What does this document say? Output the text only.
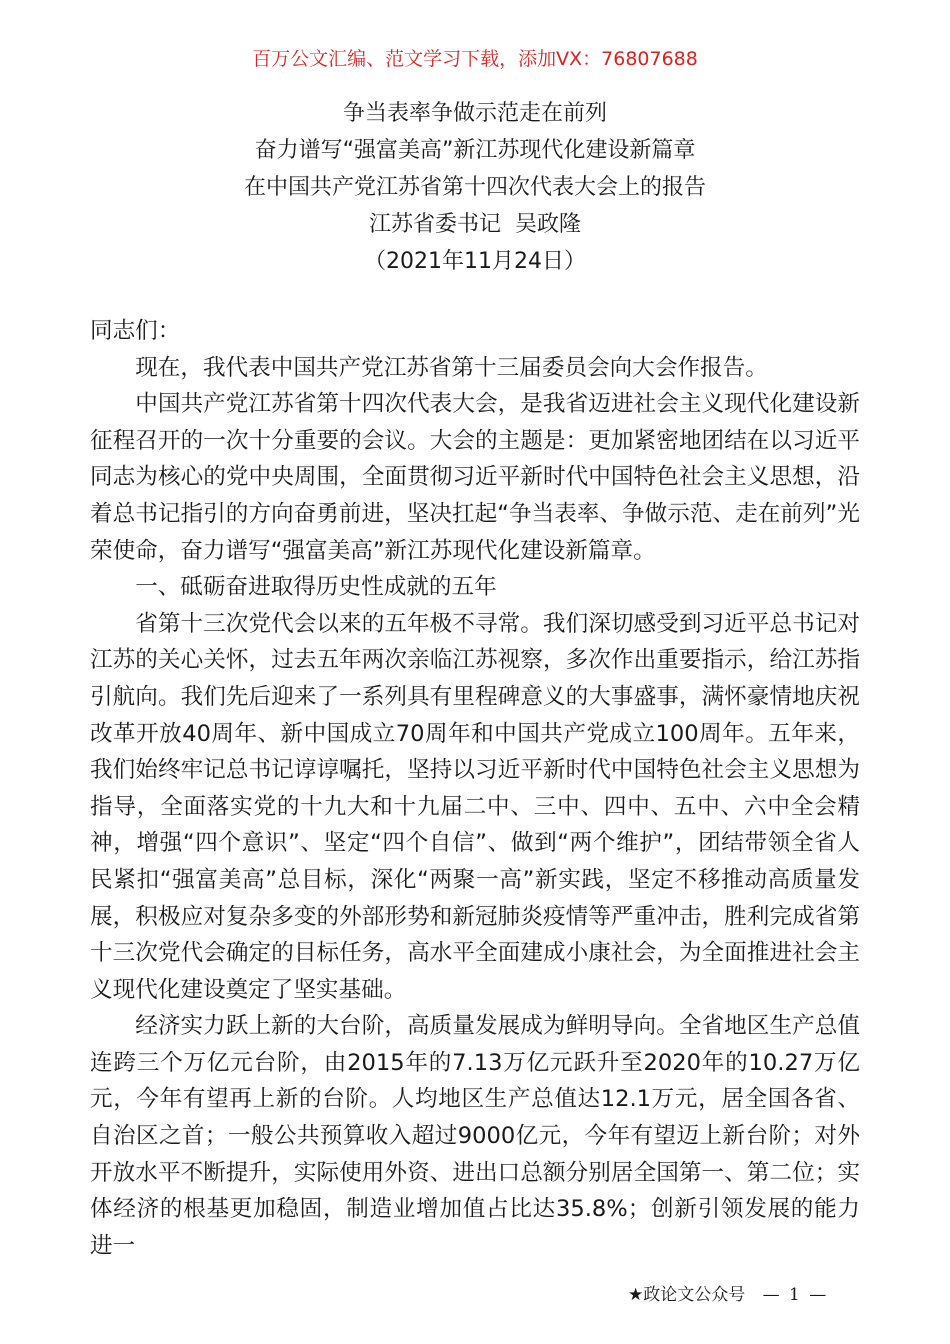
百万公文汇编、范文学习下载，添加VX：76807688
争当表率争做示范走在前列
奋力谱写“强富美高”新江苏现代化建设新篇章
在中国共产党江苏省第十四次代表大会上的报告
江苏省委书记  吴政隆
（2021年11月24日）

同志们：

现在，我代表中国共产党江苏省第十三届委员会向大会作报告。

中国共产党江苏省第十四次代表大会，是我省迈进社会主义现代化建设新征程召开的一次十分重要的会议。大会的主题是：更加紧密地团结在以习近平同志为核心的党中央周围，全面贯彻习近平新时代中国特色社会主义思想，沿着总书记指引的方向奋勇前进，坚决扛起“争当表率、争做示范、走在前列”光荣使命，奋力谱写“强富美高”新江苏现代化建设新篇章。

一、砥砺奋进取得历史性成就的五年

省第十三次党代会以来的五年极不寻常。我们深切感受到习近平总书记对江苏的关心关怀，过去五年两次亲临江苏视察，多次作出重要指示，给江苏指引航向。我们先后迎来了一系列具有里程碑意义的大事盛事，满怀豪情地庆祝改革开放40周年、新中国成立70周年和中国共产党成立100周年。五年来，我们始终牢记总书记谆谆嘱托，坚持以习近平新时代中国特色社会主义思想为指导，全面落实党的十九大和十九届二中、三中、四中、五中、六中全会精神，增强“四个意识”、坚定“四个自信”、做到“两个维护”，团结带领全省人民紧扣“强富美高”总目标，深化“两聚一高”新实践，坚定不移推动高质量发展，积极应对复杂多变的外部形势和新冠肺炎疫情等严重冲击，胜利完成省第十三次党代会确定的目标任务，高水平全面建成小康社会，为全面推进社会主义现代化建设奠定了坚实基础。

经济实力跃上新的大台阶，高质量发展成为鲜明导向。全省地区生产总值连跨三个万亿元台阶，由2015年的7.13万亿元跃升至2020年的10.27万亿元，今年有望再上新的台阶。人均地区生产总值达12.1万元，居全国各省、自治区之首；一般公共预算收入超过9000亿元，今年有望迈上新台阶；对外开放水平不断提升，实际使用外资、进出口总额分别居全国第一、第二位；实体经济的根基更加稳固，制造业增加值占比达35.8%；创新引领发展的能力进一

★政论文公众号 — 1 —
